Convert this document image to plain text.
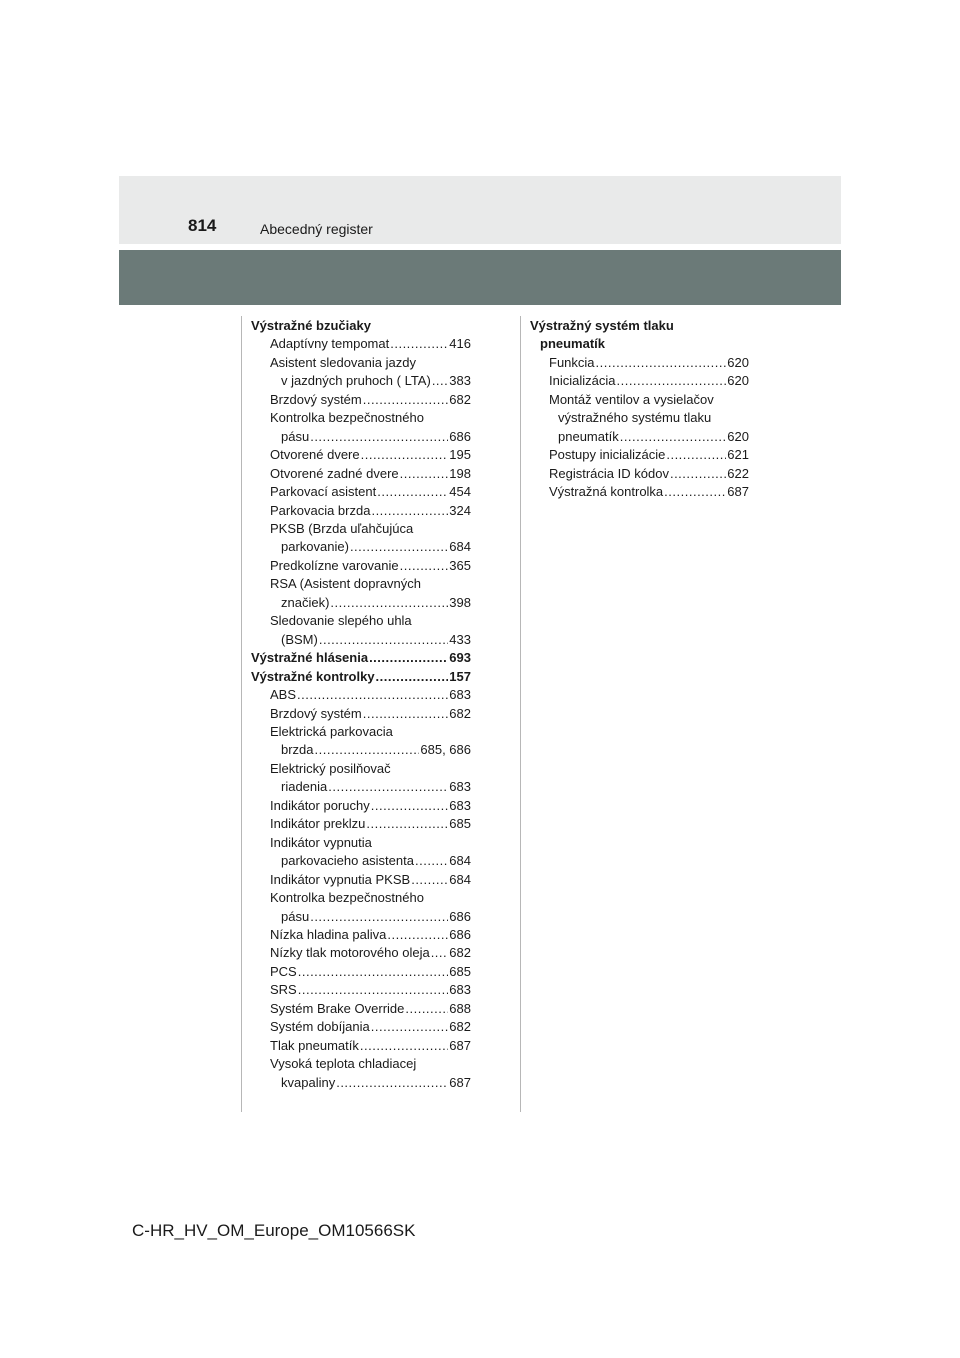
814	Abecedný register
Výstražné bzučiaky
Adaptívny tempomat .....	416
Asistent sledovania jazdy
v jazdných pruhoch ( LTA) ..... 383
Brzdový systém .....	682
Kontrolka bezpečnostného
pásu .....	686
Otvorené dvere .....	195
Otvorené zadné dvere .....	198
Parkovací asistent .....	454
Parkovacia brzda .....	324
PKSB (Brzda uľahčujúca
parkovanie) .....	684
Predkolízne varovanie .....	365
RSA (Asistent dopravných
značiek) .....	398
Sledovanie slepého uhla
(BSM) .....	433
Výstražné hlásenia .....	693
Výstražné kontrolky .....	157
ABS .....	683
Brzdový systém .....	682
Elektrická parkovacia
brzda .....	685, 686
Elektrický posilňovač
riadenia .....	683
Indikátor poruchy .....	683
Indikátor preklzu .....	685
Indikátor vypnutia
parkovacieho asistenta .....	684
Indikátor vypnutia PKSB .....	684
Kontrolka bezpečnostného
pásu .....	686
Nízka hladina paliva .....	686
Nízky tlak motorového oleja ..... 682
PCS .....	685
SRS .....	683
Systém Brake Override .....	688
Systém dobíjania .....	682
Tlak pneumatík .....	687
Vysoká teplota chladiacej
kvapaliny .....	687
Výstražný systém tlaku
pneumatík
Funkcia .....	620
Inicializácia .....	620
Montáž ventilov a vysielačov
výstražného systému tlaku
pneumatík .....	620
Postupy inicializácie .....	621
Registrácia ID kódov .....	622
Výstražná kontrolka .....	687
C-HR_HV_OM_Europe_OM10566SK
